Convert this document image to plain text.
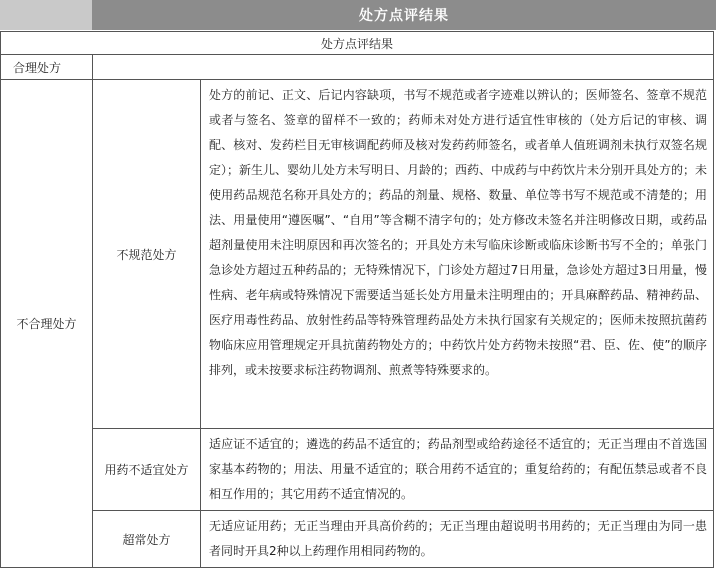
处方点评结果
处方点评结果		
合理处方		
不合理处方	不规范处方	处方的前记、正文、后记内容缺项，书写不规范或者字迹难以辨认的；医师签名、签章不规范或者与签名、签章的留样不一致的；药师未对处方进行适宜性审核的（处方后记的审核、调配、核对、发药栏目无审核调配药师及核对发药药师签名，或者单人值班调剂未执行双签名规定）；新生儿、婴幼儿处方未写明日、月龄的；西药、中成药与中药饮片未分别开具处方的；未使用药品规范名称开具处方的；药品的剂量、规格、数量、单位等书写不规范或不清楚的；用法、用量使用“遵医嘱”、“自用”等含糊不清字句的；处方修改未签名并注明修改日期，或药品超剂量使用未注明原因和再次签名的；开具处方未写临床诊断或临床诊断书写不全的；单张门急诊处方超过五种药品的；无特殊情况下，门诊处方超过7日用量，急诊处方超过3日用量，慢性病、老年病或特殊情况下需要适当延长处方用量未注明理由的；开具麻醉药品、精神药品、医疗用毒性药品、放射性药品等特殊管理药品处方未执行国家有关规定的；医师未按照抗菌药物临床应用管理规定开具抗菌药物处方的；中药饮片处方药物未按照“君、臣、佐、使”的顺序排列，或未按要求标注药物调剂、煎煮等特殊要求的。
	用药不适宜处方	适应证不适宜的；遴选的药品不适宜的；药品剂型或给药途径不适宜的；无正当理由不首选国家基本药物的；用法、用量不适宜的；联合用药不适宜的；重复给药的；有配伍禁忌或者不良相互作用的；其它用药不适宜情况的。
	超常处方	无适应证用药；无正当理由开具高价药的；无正当理由超说明书用药的；无正当理由为同一患者同时开具2种以上药理作用相同药物的。
